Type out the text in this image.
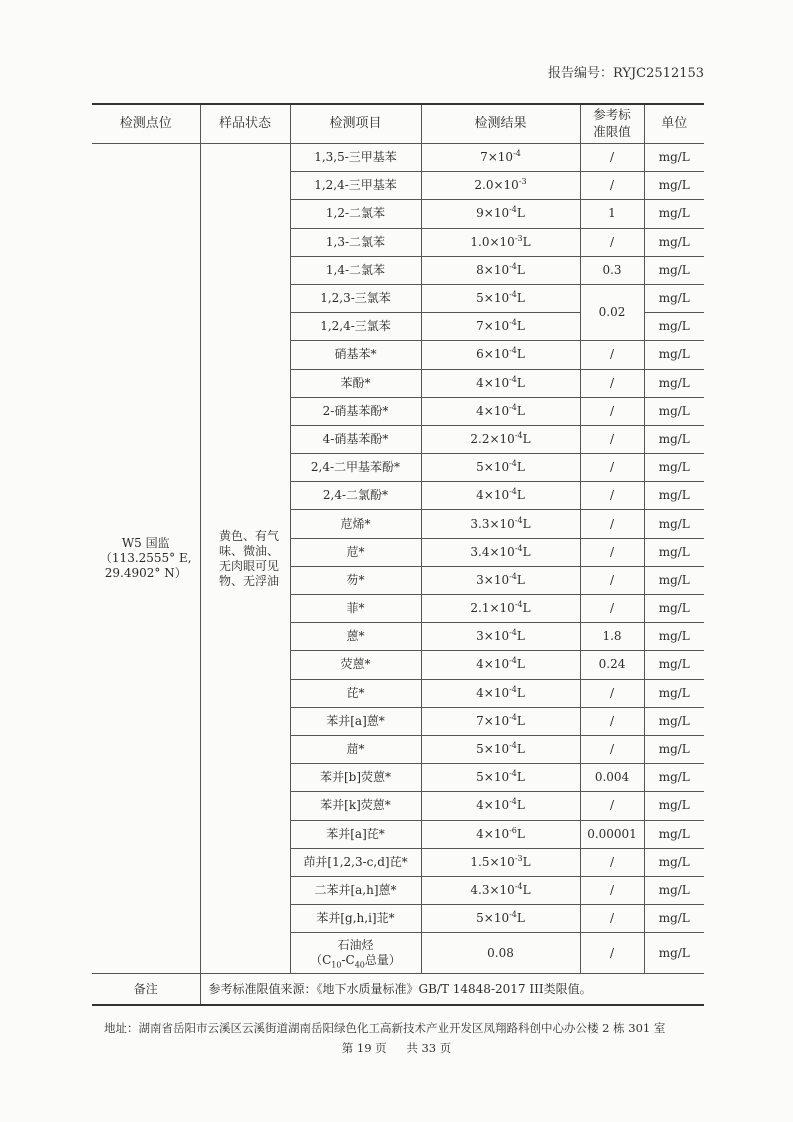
报告编号：RYJC2512153
检测点位	样品状态	检测项目	检测结果	参考标
准限值	单位
W5 国监
（113.2555° E,
29.4902° N）	黄色、有气
味、微油、
无肉眼可见
物、无浮油	1,3,5-三甲基苯	$7\times 10^{-4}$	/	mg/L
		1,2,4-三甲基苯	$2.0\times 10^{-3}$	/	mg/L
		1,2-二氯苯	$9\times 10^{-4}L$	1	mg/L
		1,3-二氯苯	$1.0\times 10^{-3}L$	/	mg/L
		1,4-二氯苯	$8\times 10^{-4}L$	0.3	mg/L
		1,2,3-三氯苯	$5\times 10^{-4}L$	0.02	mg/L
		1,2,4-三氯苯	$7\times 10^{-4}L$		mg/L
		硝基苯*	$6\times 10^{-4}L$	/	mg/L
		苯酚*	$4\times 10^{-4}L$	/	mg/L
		2-硝基苯酚*	$4\times 10^{-4}L$	/	mg/L
		4-硝基苯酚*	$2.2\times 10^{-4}L$	/	mg/L
		2,4-二甲基苯酚*	$5\times 10^{-4}L$	/	mg/L
		2,4-二氯酚*	$4\times 10^{-4}L$	/	mg/L
		苊烯*	$3.3\times 10^{-4}L$	/	mg/L
		苊*	$3.4\times 10^{-4}L$	/	mg/L
		芴*	$3\times 10^{-4}L$	/	mg/L
		菲*	$2.1\times 10^{-4}L$	/	mg/L
		蒽*	$3\times 10^{-4}L$	1.8	mg/L
		荧蒽*	$4\times 10^{-4}L$	0.24	mg/L
		芘*	$4\times 10^{-4}L$	/	mg/L
		苯并[a]蒽*	$7\times 10^{-4}L$	/	mg/L
		䓛*	$5\times 10^{-4}L$	/	mg/L
		苯并[b]荧蒽*	$5\times 10^{-4}L$	0.004	mg/L
		苯并[k]荧蒽*	$4\times 10^{-4}L$	/	mg/L
		苯并[a]芘*	$4\times 10^{-6}L$	0.00001	mg/L
		茚并[1,2,3-c,d]芘*	$1.5\times 10^{-3}L$	/	mg/L
		二苯并[a,h]蒽*	$4.3\times 10^{-4}L$	/	mg/L
		苯并[g,h,i]苝*	$5\times 10^{-4}L$	/	mg/L
		石油烃
（$C_{10}-C_{40}$总量）	0.08	/	mg/L
备注	参考标准限值来源：《地下水质量标准》GB/T 14848-2017 III类限值。				
地址：湖南省岳阳市云溪区云溪街道湖南岳阳绿色化工高新技术产业开发区凤翔路科创中心办公楼 2 栋 301 室
第 19 页 共 33 页
